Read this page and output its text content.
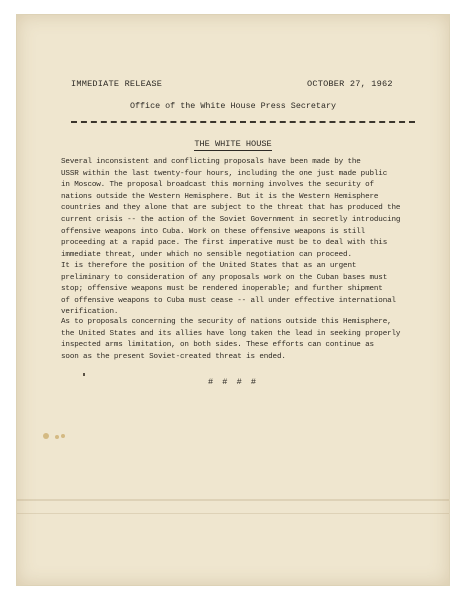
IMMEDIATE RELEASE	OCTOBER 27, 1962
Office of the White House Press Secretary
THE WHITE HOUSE
Several inconsistent and conflicting proposals have been made by the
USSR within the last twenty-four hours, including the one just made public
in Moscow. The proposal broadcast this morning involves the security of
nations outside the Western Hemisphere. But it is the Western Hemisphere
countries and they alone that are subject to the threat that has produced the
current crisis -- the action of the Soviet Government in secretly introducing
offensive weapons into Cuba. Work on these offensive weapons is still
proceeding at a rapid pace. The first imperative must be to deal with this
immediate threat, under which no sensible negotiation can proceed.
It is therefore the position of the United States that as an urgent
preliminary to consideration of any proposals work on the Cuban bases must
stop; offensive weapons must be rendered inoperable; and further shipment
of offensive weapons to Cuba must cease -- all under effective international
verification.
As to proposals concerning the security of nations outside this Hemisphere,
the United States and its allies have long taken the lead in seeking properly
inspected arms limitation, on both sides. These efforts can continue as
soon as the present Soviet-created threat is ended.
# # # #
